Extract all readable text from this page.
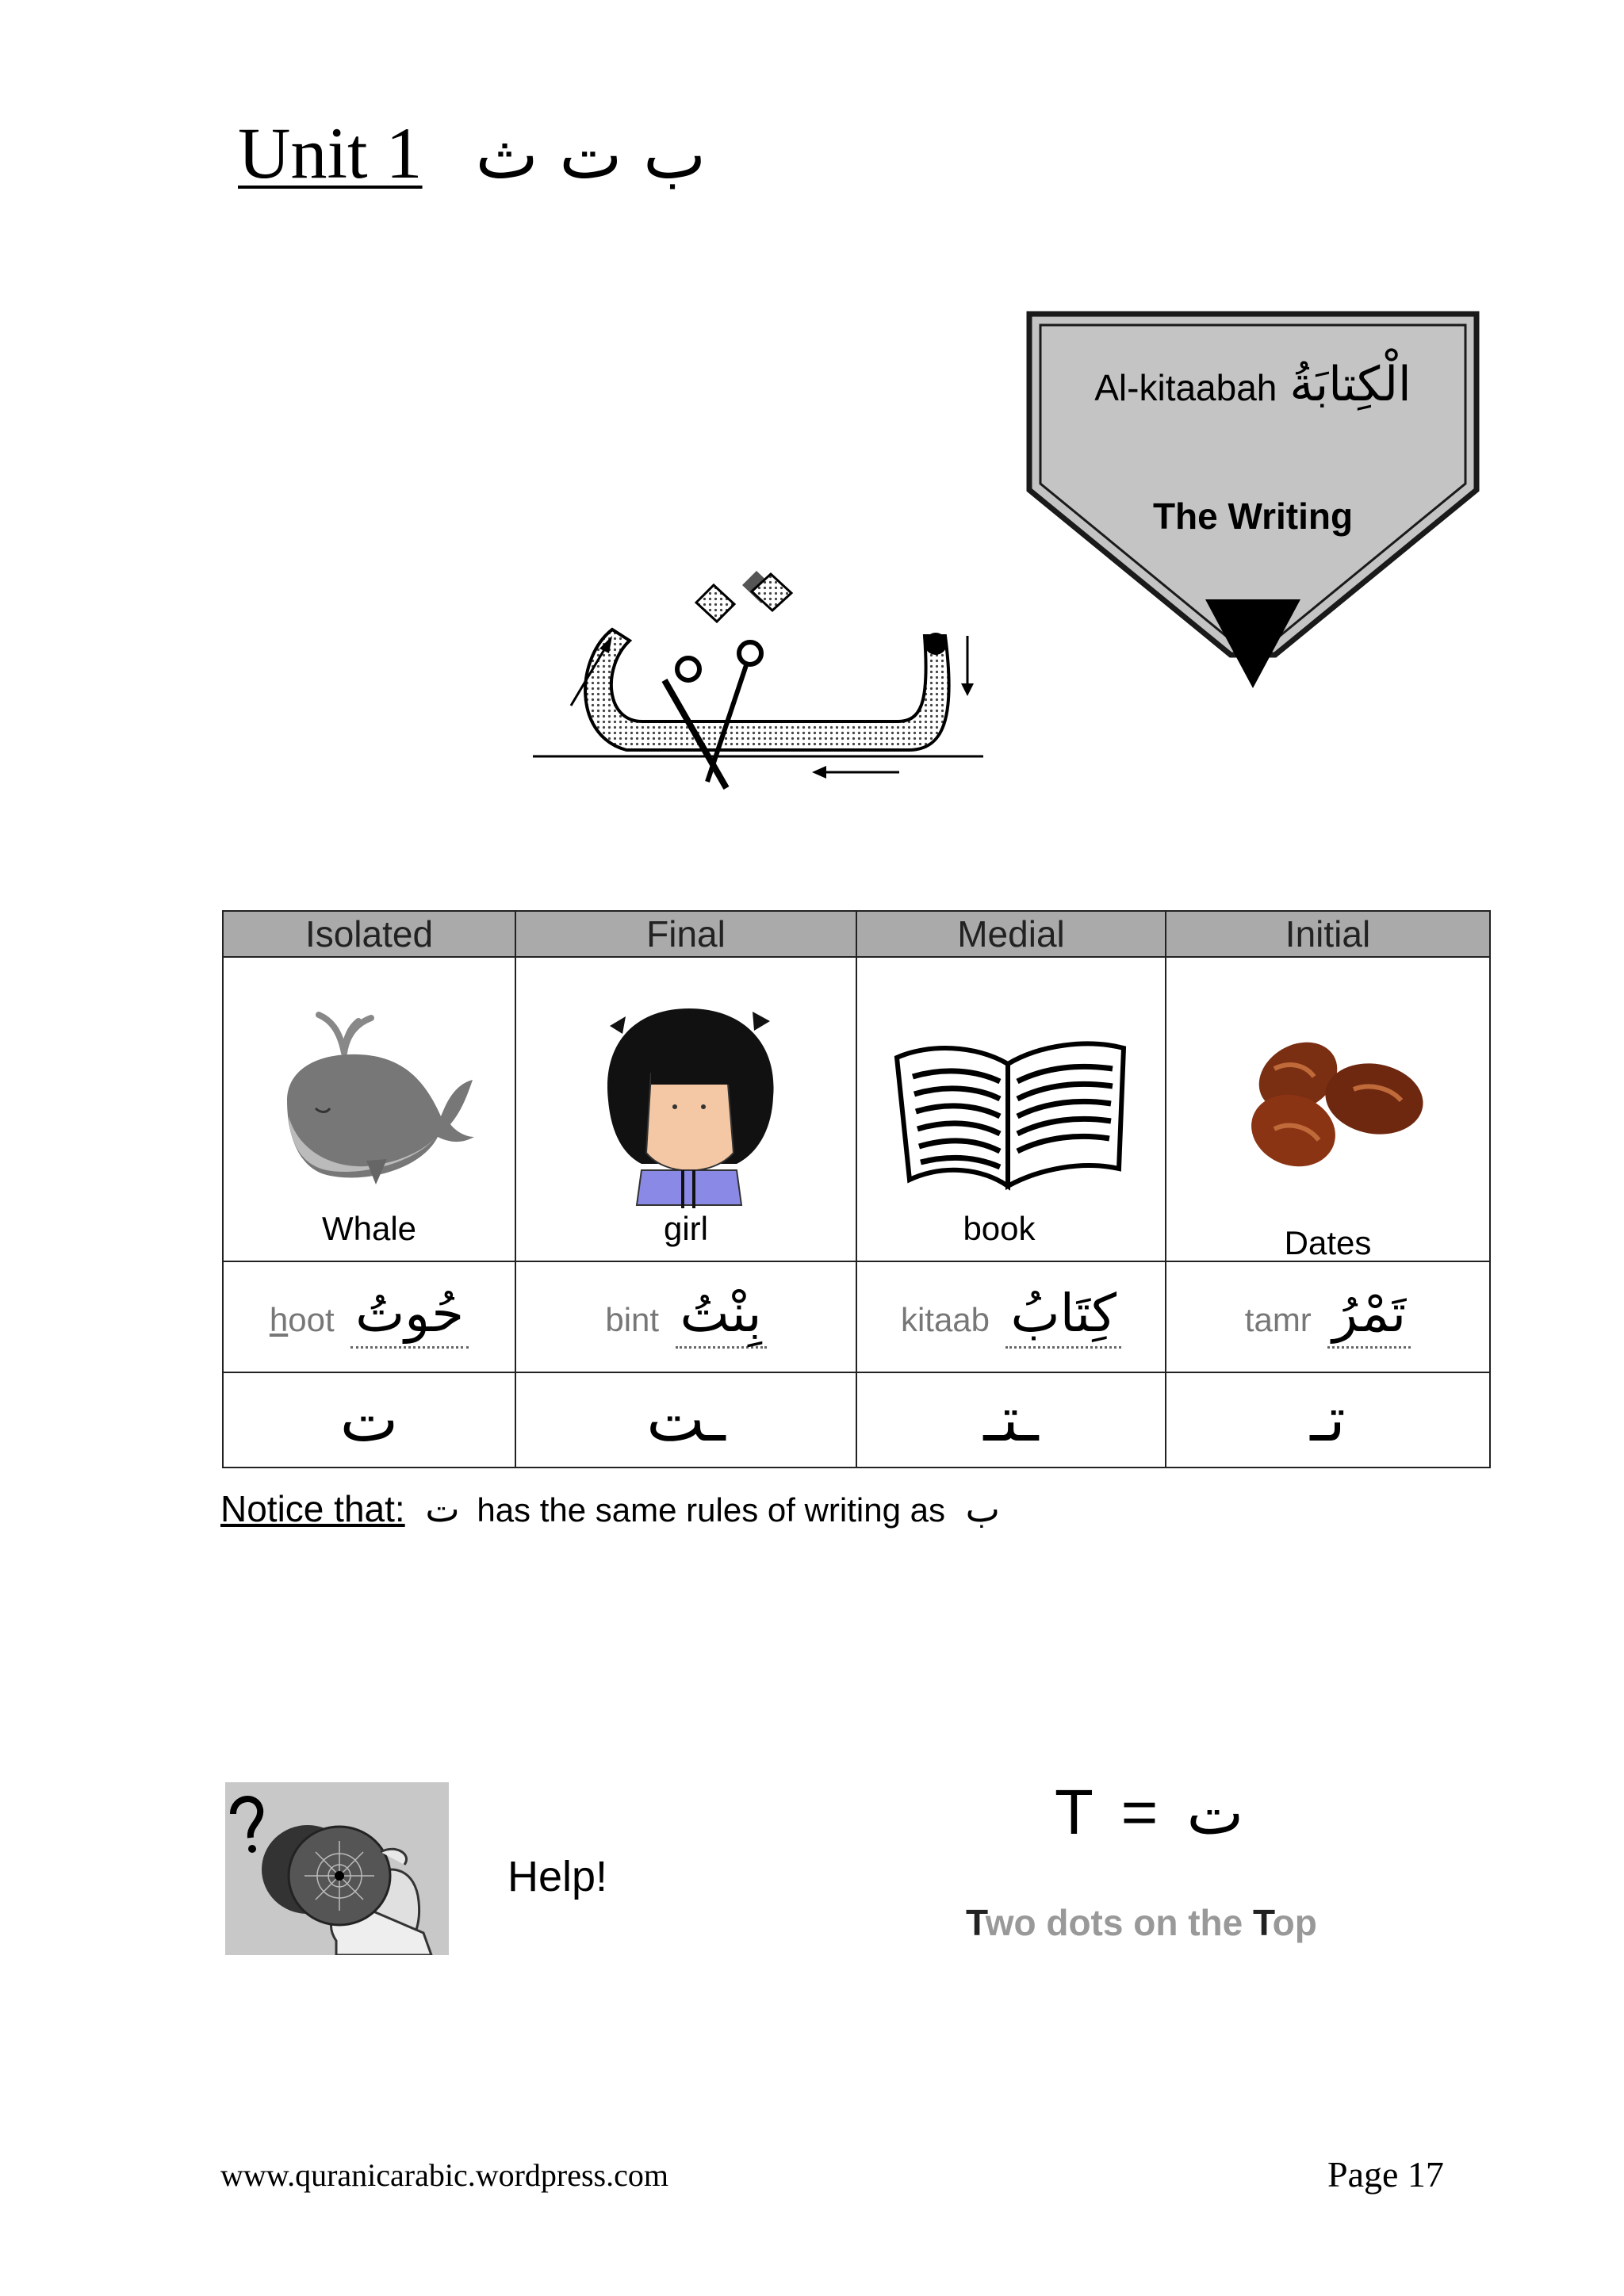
Unit 1 ب ت ث
Al-kitaabah الْكِتابَةُ
The Writing
Isolated	Final	Medial	Initial

Whale	girl	book	Dates

hoot حُوتُ	bint بِنْتُ	kitaab كِتَابُ	tamr تَمْرُ
ت	ـت	ـتـ	تـ
Notice that: ت has the same rules of writing as ب
Help!
T = ت
Two dots on the Top
www.quranicarabic.wordpress.com	Page 17
